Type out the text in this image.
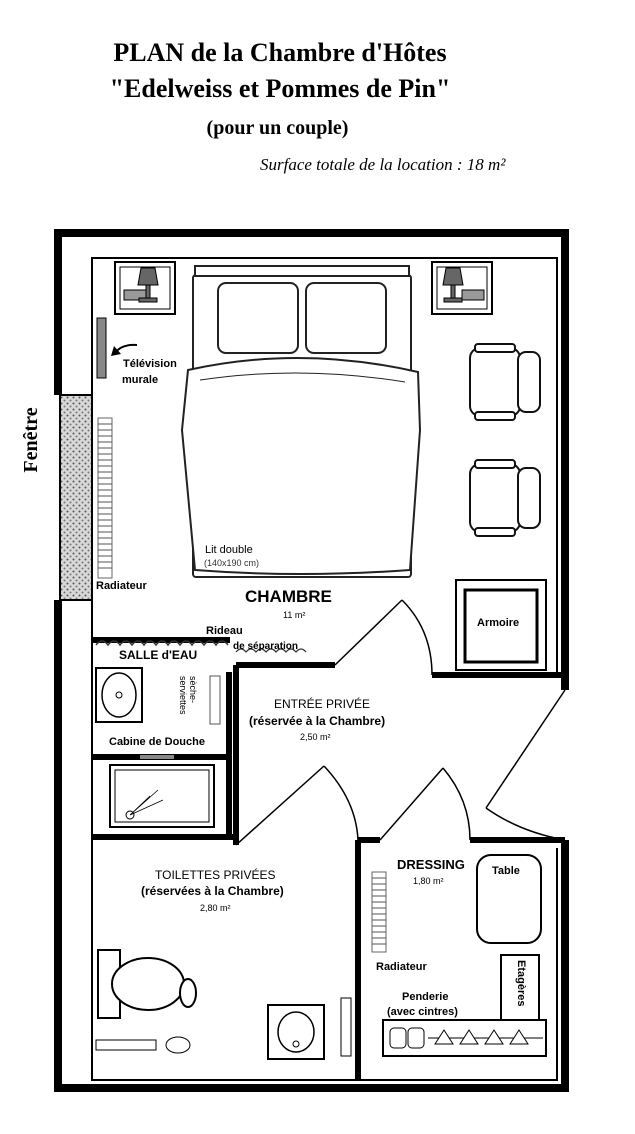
PLAN de la Chambre d'Hôtes
"Edelweiss et Pommes de Pin"
(pour un couple)
Surface totale de la location : 18 m²
Fenêtre
Télévision
murale
Radiateur
Lit double
(140x190 cm)
CHAMBRE
11 m²
Armoire
Rideau
de séparation
SALLE d'EAU
sèche-
serviettes
Cabine de Douche
ENTRÉE PRIVÉE
(réservée à la Chambre)
2,50 m²
TOILETTES PRIVÉES
(réservées à la Chambre)
2,80 m²
DRESSING
1,80 m²
Table
Etagères
Radiateur
Penderie
(avec cintres)
